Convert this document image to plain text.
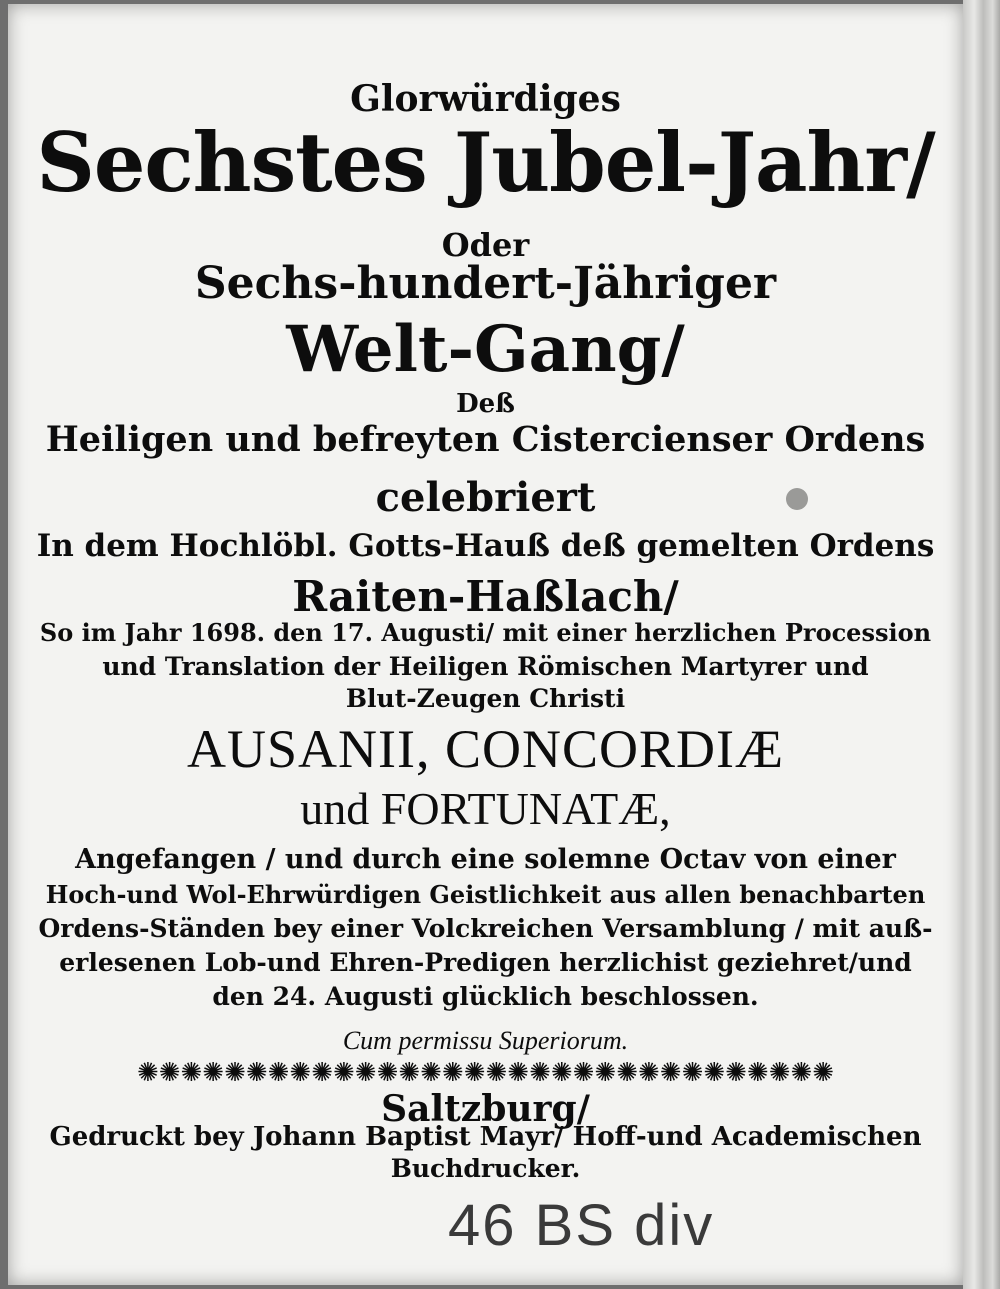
Glorwürdiges
Sechstes Jubel-Jahr/
Oder
Sechs-hundert-Jähriger
Welt-Gang/
Deß
Heiligen und befreyten Cistercienser Ordens
celebriert
In dem Hochlöbl. Gotts-Hauß deß gemelten Ordens
Raiten-Haßlach/
So im Jahr 1698. den 17. Augusti/ mit einer herzlichen Procession
und Translation der Heiligen Römischen Martyrer und
Blut-Zeugen Christi
AUSANII, CONCORDIÆ
und FORTUNATÆ,
Angefangen / und durch eine solemne Octav von einer
Hoch-und Wol-Ehrwürdigen Geistlichkeit aus allen benachbarten
Ordens-Ständen bey einer Volckreichen Versamblung / mit auß-
erlesenen Lob-und Ehren-Predigen herzlichist geziehret/und
den 24. Augusti glücklich beschlossen.
Cum permissu Superiorum.
✺✺✺✺✺✺✺✺✺✺✺✺✺✺✺✺✺✺✺✺✺✺✺✺✺✺✺✺✺✺✺✺
Saltzburg/
Gedruckt bey Johann Baptist Mayr/ Hoff-und Academischen
Buchdrucker.
46 BS div
